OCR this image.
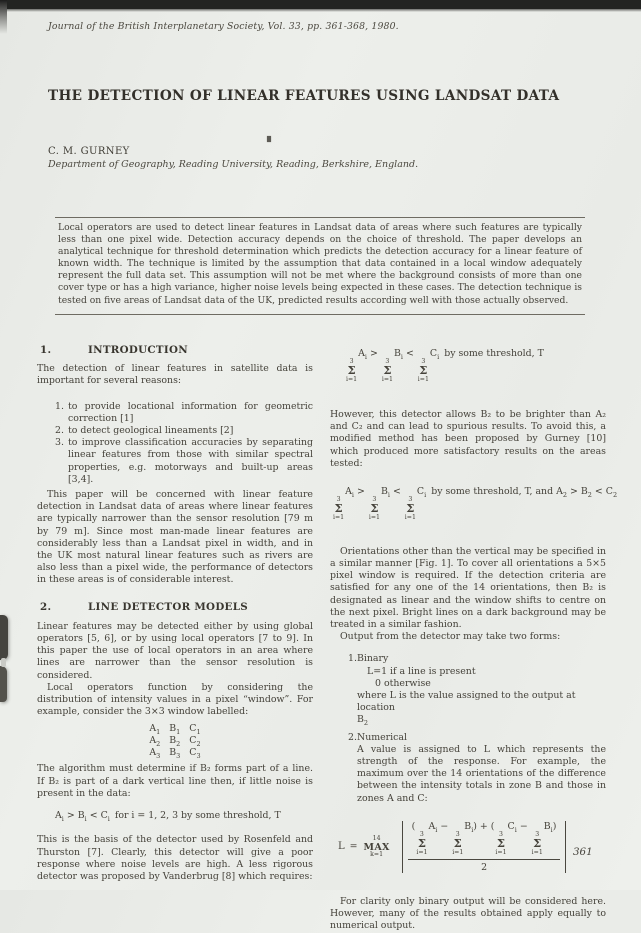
Journal of the British Interplanetary Society, Vol. 33, pp. 361-368, 1980.

THE DETECTION OF LINEAR FEATURES USING LANDSAT DATA

C. M. GURNEY

Department of Geography, Reading University, Reading, Berkshire, England.

Local operators are used to detect linear features in Landsat data of areas where such features are typically less than one pixel wide. Detection accuracy depends on the choice of threshold. The paper develops an analytical technique for threshold determination which predicts the detection accuracy for a linear feature of known width. The technique is limited by the assumption that data contained in a local window adequately represent the full data set. This assumption will not be met where the background consists of more than one cover type or has a high variance, higher noise levels being expected in these cases. The detection technique is tested on five areas of Landsat data of the UK, predicted results according well with those actually observed.

1.	INTRODUCTION

The detection of linear features in satellite data is important for several reasons:

1. to provide locational information for geometric correction [1]
2. to detect geological lineaments [2]
3. to improve classification accuracies by separating linear features from those with similar spectral properties, e.g. motorways and built-up areas [3,4].

This paper will be concerned with linear feature detection in Landsat data of areas where linear features are typically narrower than the sensor resolution [79 m by 79 m]. Since most man-made linear features are considerably less than a Landsat pixel in width, and in the UK most natural linear features such as rivers are also less than a pixel wide, the performance of detectors in these areas is of considerable interest.

2.	LINE DETECTOR MODELS

Linear features may be detected either by using global operators [5, 6], or by using local operators [7 to 9]. In this paper the use of local operators in an area where lines are narrower than the sensor resolution is considered.

Local operators function by considering the distribution of intensity values in a pixel “window”. For example, consider the 3×3 window labelled:

$A_1$ $B_1$ $C_1$
$A_2$ $B_2$ $C_2$
$A_3$ $B_3$ $C_3$

The algorithm must determine if B₂ forms part of a line. If B₂ is part of a dark vertical line then, if little noise is present in the data:

$A_i > B_i < C_i$ for i = 1, 2, 3 by some threshold, T

This is the basis of the detector used by Rosenfeld and Thurston [7]. Clearly, this detector will give a poor response where noise levels are high. A less rigorous detector was proposed by Vanderbrug [8] which requires:

3
Σ
i=1
$A_i$ >
3
Σ
i=1
$B_i$ <
3
Σ
i=1
$C_i$ by some threshold, T

However, this detector allows B₂ to be brighter than A₂ and C₂ and can lead to spurious results. To avoid this, a modified method has been proposed by Gurney [10] which produced more satisfactory results on the areas tested:

3
Σ
i=1
$A_i$ >
3
Σ
i=1
$B_i$ <
3
Σ
i=1
$C_i$ by some threshold, T, and $A_2 > B_2 < C_2$

Orientations other than the vertical may be specified in a similar manner [Fig. 1]. To cover all orientations a 5×5 pixel window is required. If the detection criteria are satisfied for any one of the 14 orientations, then B₂ is designated as linear and the window shifts to centre on the next pixel. Bright lines on a dark background may be treated in a similar fashion.

Output from the detector may take two forms:

1. Binary
L=1 if a line is present
0 otherwise
where L is the value assigned to the output at location
$B_2$
2. Numerical

A value is assigned to L which represents the strength of the response. For example, the maximum over the 14 orientations of the difference between the intensity totals in zone B and those in zones A and C:

L =
14
MAX
k=1	(
3
Σ
i=1
$A_i$ −
3
Σ
i=1
$B_i$) + (
3
Σ
i=1
$C_i$ −
3
Σ
i=1
$B_i$)
2

For clarity only binary output will be considered here. However, many of the results obtained apply equally to numerical output.

361
